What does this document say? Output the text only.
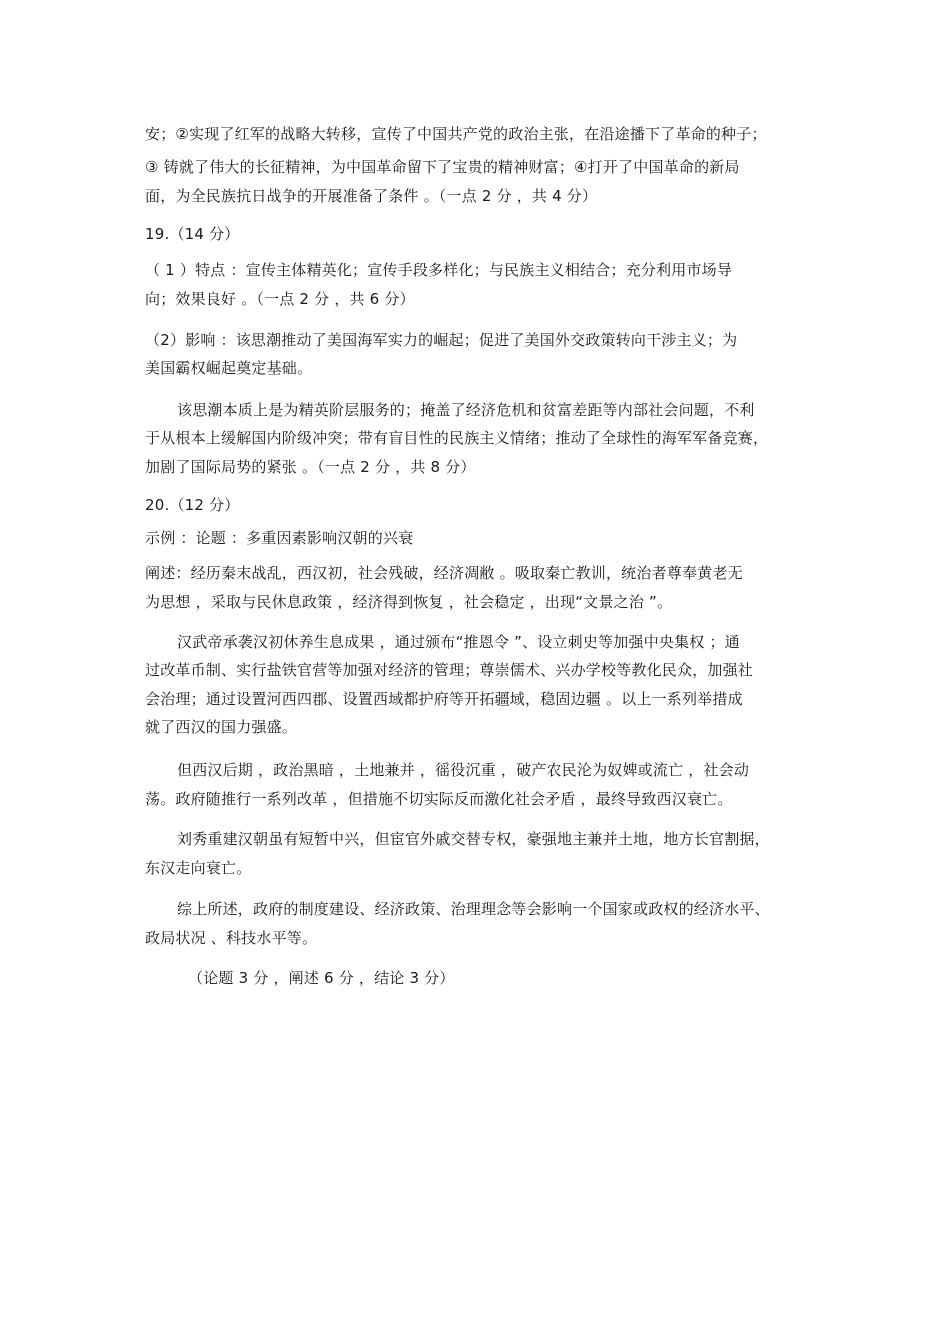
安；②实现了红军的战略大转移，宣传了中国共产党的政治主张，在沿途播下了革命的种子；
③ 铸就了伟大的长征精神，为中国革命留下了宝贵的精神财富；④打开了中国革命的新局
面，为全民族抗日战争的开展准备了条件 。（一点 2 分 ，共 4 分）
19.（14 分）
（ 1 ）特点 ：宣传主体精英化；宣传手段多样化；与民族主义相结合；充分利用市场导
向；效果良好 。（一点 2 分 ，共 6 分）
（2）影响 ：该思潮推动了美国海军实力的崛起；促进了美国外交政策转向干涉主义；为
美国霸权崛起奠定基础。
该思潮本质上是为精英阶层服务的；掩盖了经济危机和贫富差距等内部社会问题，不利
于从根本上缓解国内阶级冲突；带有盲目性的民族主义情绪；推动了全球性的海军军备竞赛，
加剧了国际局势的紧张 。（一点 2 分 ，共 8 分）
20.（12 分）
示例 ：论题 ：多重因素影响汉朝的兴衰
阐述：经历秦末战乱，西汉初，社会残破，经济凋敝 。吸取秦亡教训，统治者尊奉黄老无
为思想 ，采取与民休息政策 ，经济得到恢复 ，社会稳定 ，出现“文景之治 ”。
汉武帝承袭汉初休养生息成果 ，通过颁布“推恩令 ”、设立刺史等加强中央集权 ；通
过改革币制、实行盐铁官营等加强对经济的管理；尊崇儒术、兴办学校等教化民众，加强社
会治理；通过设置河西四郡、设置西域都护府等开拓疆域，稳固边疆 。以上一系列举措成
就了西汉的国力强盛。
但西汉后期 ，政治黑暗 ，土地兼并 ，徭役沉重 ，破产农民沦为奴婢或流亡 ，社会动
荡。政府随推行一系列改革 ，但措施不切实际反而激化社会矛盾 ，最终导致西汉衰亡。
刘秀重建汉朝虽有短暂中兴，但宦官外戚交替专权，豪强地主兼并土地，地方长官割据，
东汉走向衰亡。
综上所述，政府的制度建设、经济政策、治理理念等会影响一个国家或政权的经济水平、
政局状况 、科技水平等。
（论题 3 分 ，阐述 6 分 ，结论 3 分）
